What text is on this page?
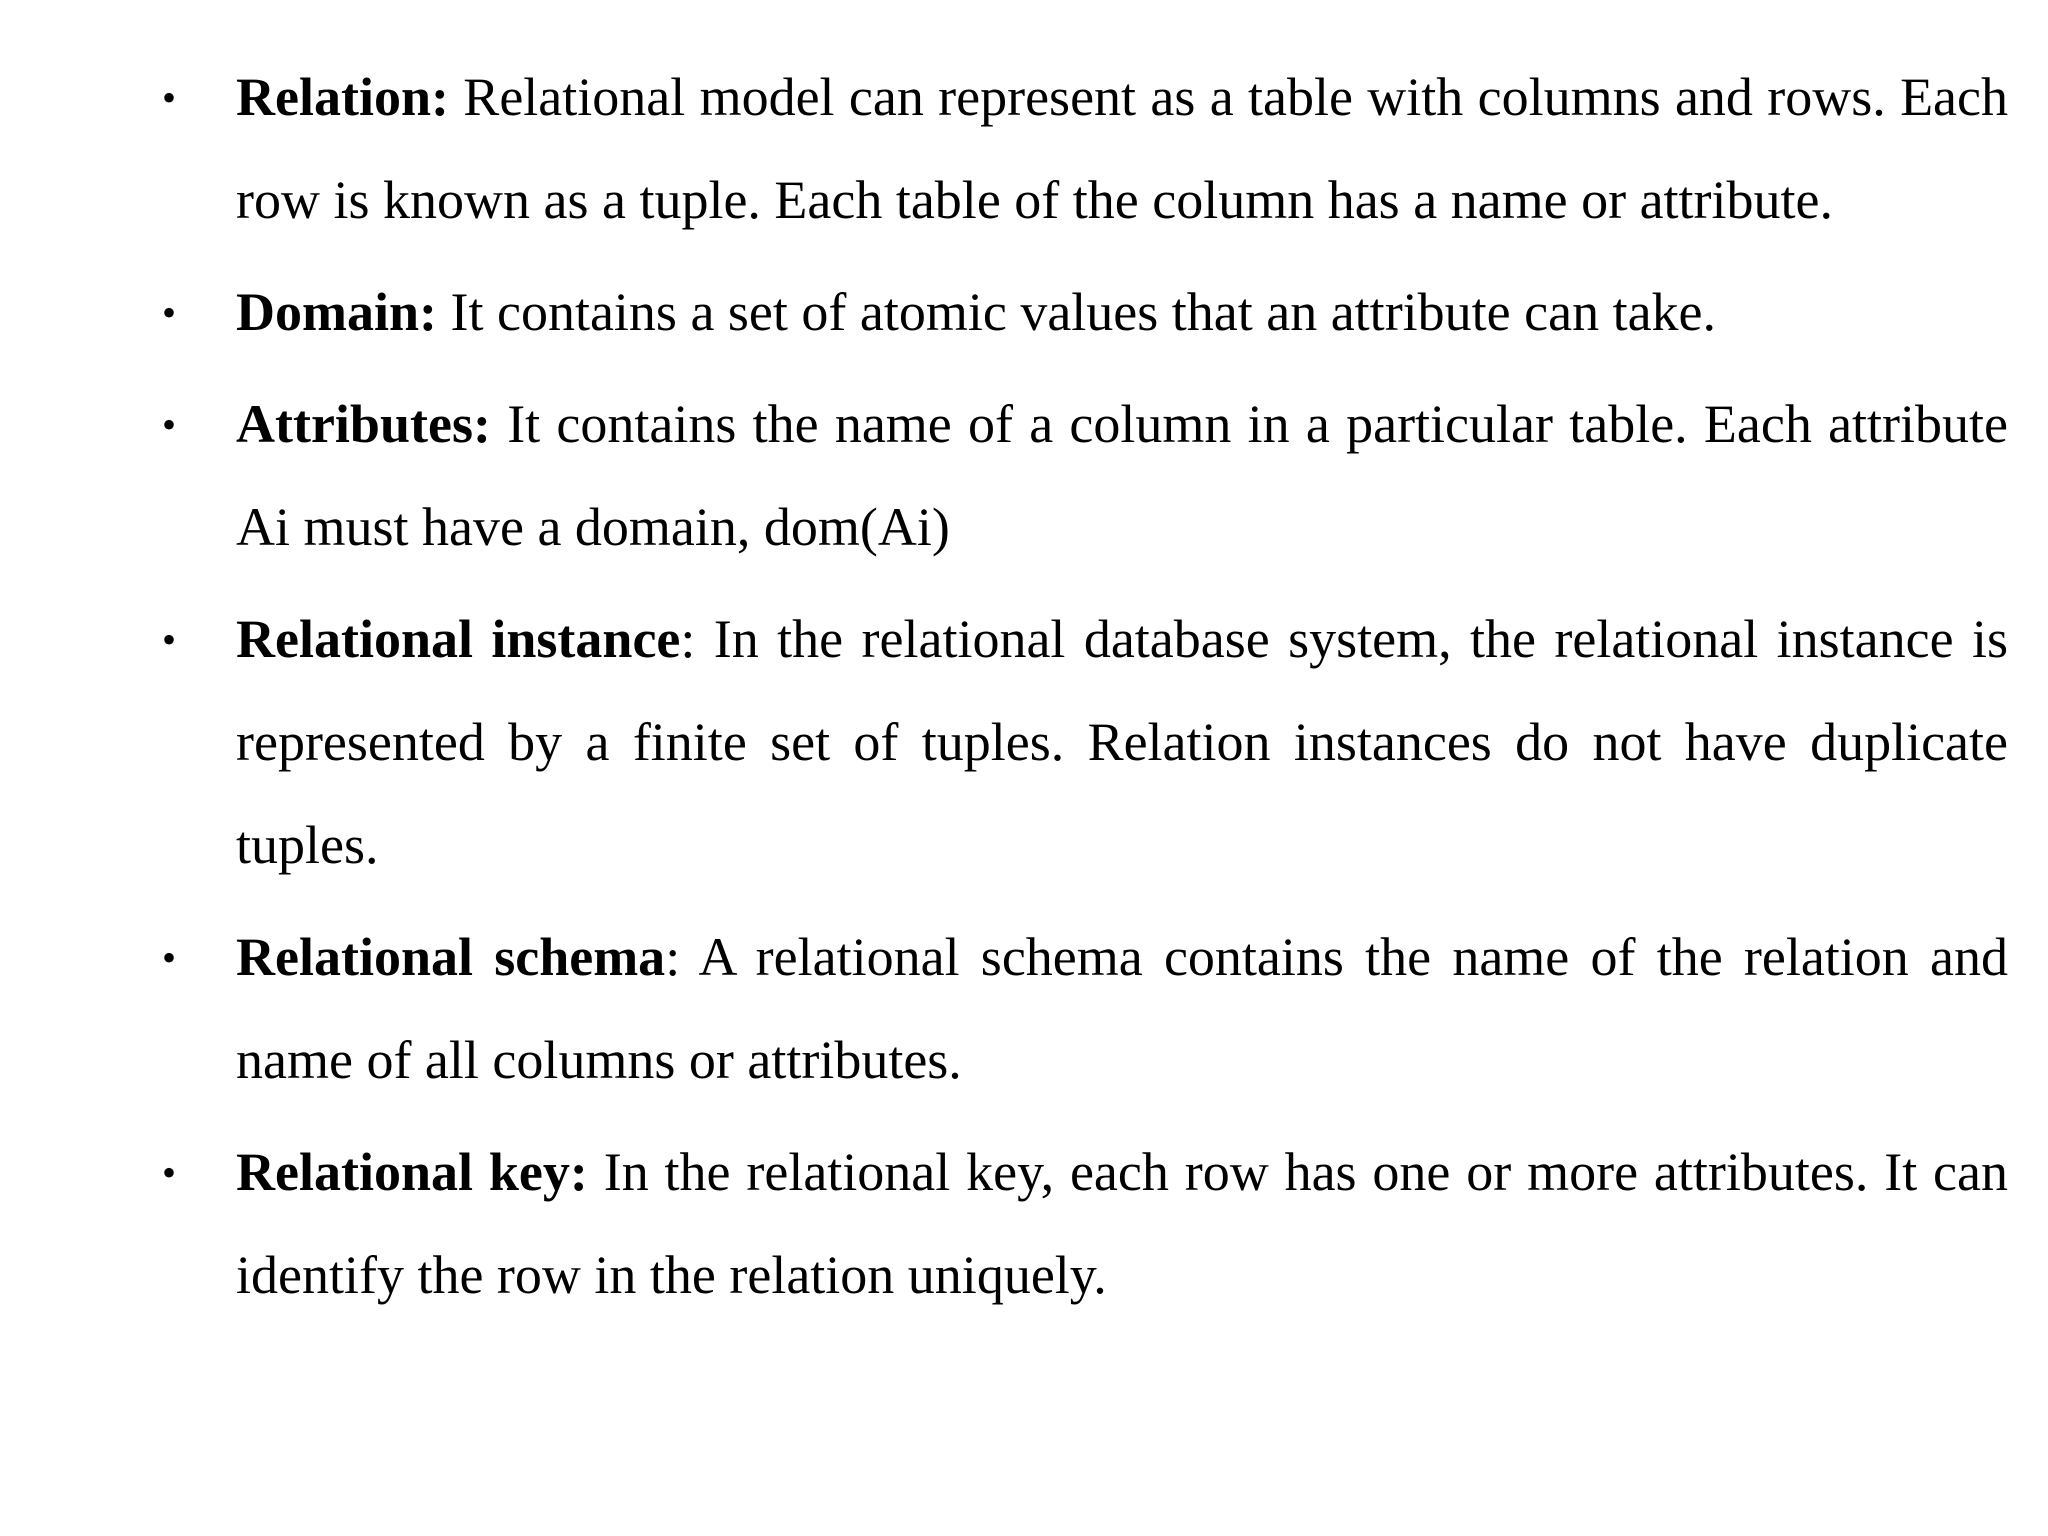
• Relation: Relational model can represent as a table with columns and rows. Each row is known as a tuple. Each table of the column has a name or attribute.
• Domain: It contains a set of atomic values that an attribute can take.
• Attributes: It contains the name of a column in a particular table. Each attribute Ai must have a domain, dom(Ai)
• Relational instance: In the relational database system, the relational instance is represented by a finite set of tuples. Relation instances do not have duplicate tuples.
• Relational schema: A relational schema contains the name of the relation and name of all columns or attributes.
• Relational key: In the relational key, each row has one or more attributes. It can identify the row in the relation uniquely.
